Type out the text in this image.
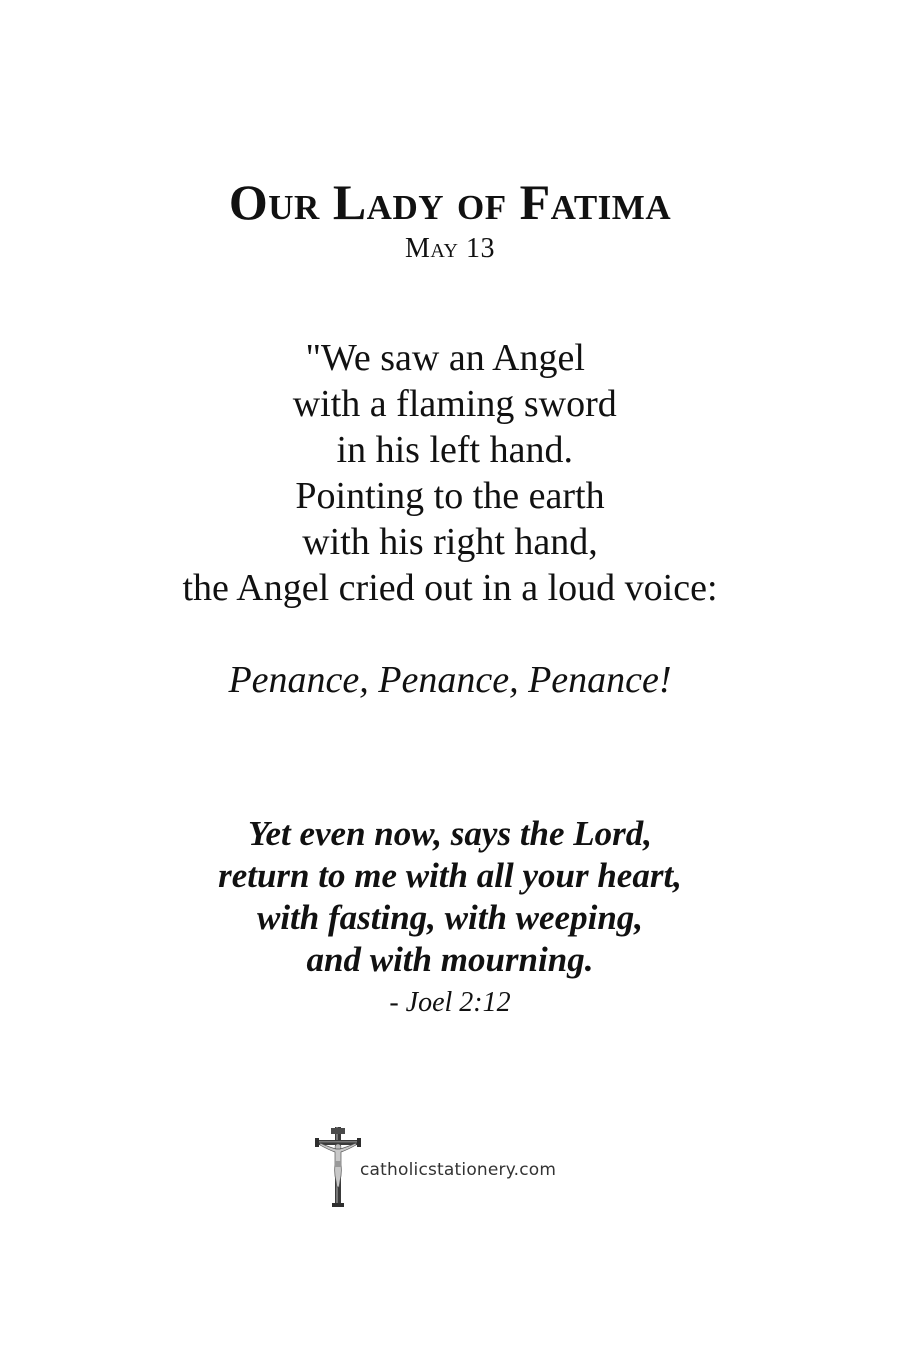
Our Lady of Fatima
May 13
"We saw an Angel
with a flaming sword
in his left hand.
Pointing to the earth
with his right hand,
the Angel cried out in a loud voice:
Penance, Penance, Penance!
Yet even now, says the Lord,
return to me with all your heart,
with fasting, with weeping,
and with mourning.
- Joel 2:12
catholicstationery.com
